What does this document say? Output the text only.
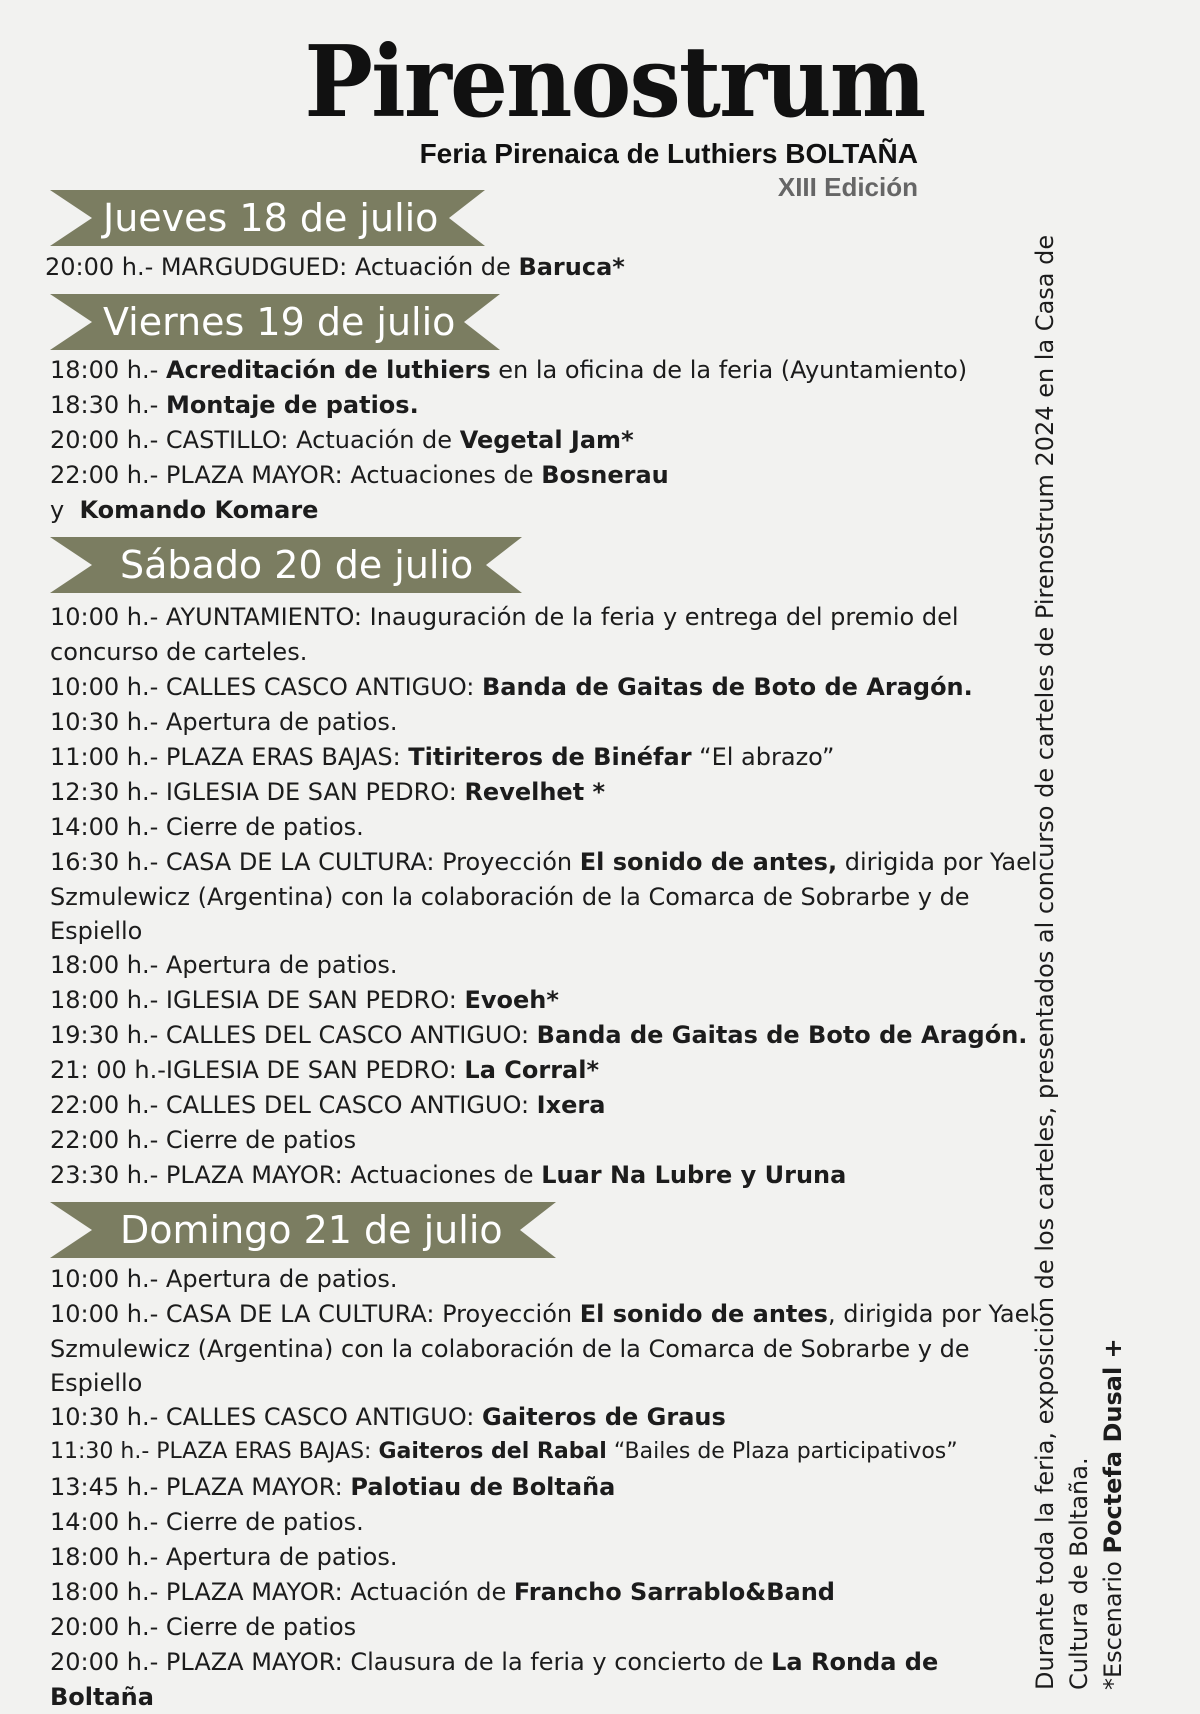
Pirenostrum
Feria Pirenaica de Luthiers BOLTAÑA
XIII Edición
Jueves 18 de julio
20:00 h.- MARGUDGUED: Actuación de Baruca*
Viernes 19 de julio
18:00 h.- Acreditación de luthiers en la oficina de la feria (Ayuntamiento)
18:30 h.- Montaje de patios.
20:00 h.- CASTILLO: Actuación de Vegetal Jam*
22:00 h.- PLAZA MAYOR: Actuaciones de Bosnerau
y Komando Komare
Sábado 20 de julio
10:00 h.- AYUNTAMIENTO: Inauguración de la feria y entrega del premio del concurso de carteles.
10:00 h.- CALLES CASCO ANTIGUO: Banda de Gaitas de Boto de Aragón.
10:30 h.- Apertura de patios.
11:00 h.- PLAZA ERAS BAJAS: Titiriteros de Binéfar “El abrazo”
12:30 h.- IGLESIA DE SAN PEDRO: Revelhet *
14:00 h.- Cierre de patios.
16:30 h.- CASA DE LA CULTURA: Proyección El sonido de antes, dirigida por Yael Szmulewicz (Argentina) con la colaboración de la Comarca de Sobrarbe y de Espiello
18:00 h.- Apertura de patios.
18:00 h.- IGLESIA DE SAN PEDRO: Evoeh*
19:30 h.- CALLES DEL CASCO ANTIGUO: Banda de Gaitas de Boto de Aragón.
21: 00 h.-IGLESIA DE SAN PEDRO: La Corral*
22:00 h.- CALLES DEL CASCO ANTIGUO: Ixera
22:00 h.- Cierre de patios
23:30 h.- PLAZA MAYOR: Actuaciones de Luar Na Lubre y Uruna
Domingo 21 de julio
10:00 h.- Apertura de patios.
10:00 h.- CASA DE LA CULTURA: Proyección El sonido de antes, dirigida por Yael Szmulewicz (Argentina) con la colaboración de la Comarca de Sobrarbe y de Espiello
10:30 h.- CALLES CASCO ANTIGUO: Gaiteros de Graus
11:30 h.- PLAZA ERAS BAJAS: Gaiteros del Rabal “Bailes de Plaza participativos”
13:45 h.- PLAZA MAYOR: Palotiau de Boltaña
14:00 h.- Cierre de patios.
18:00 h.- Apertura de patios.
18:00 h.- PLAZA MAYOR: Actuación de Francho Sarrablo&Band
20:00 h.- Cierre de patios
20:00 h.- PLAZA MAYOR: Clausura de la feria y concierto de La Ronda de Boltaña
Durante toda la feria, exposición de los carteles, presentados al concurso de carteles de Pirenostrum 2024 en la Casa de Cultura de Boltaña. *Escenario Poctefa Dusal +
